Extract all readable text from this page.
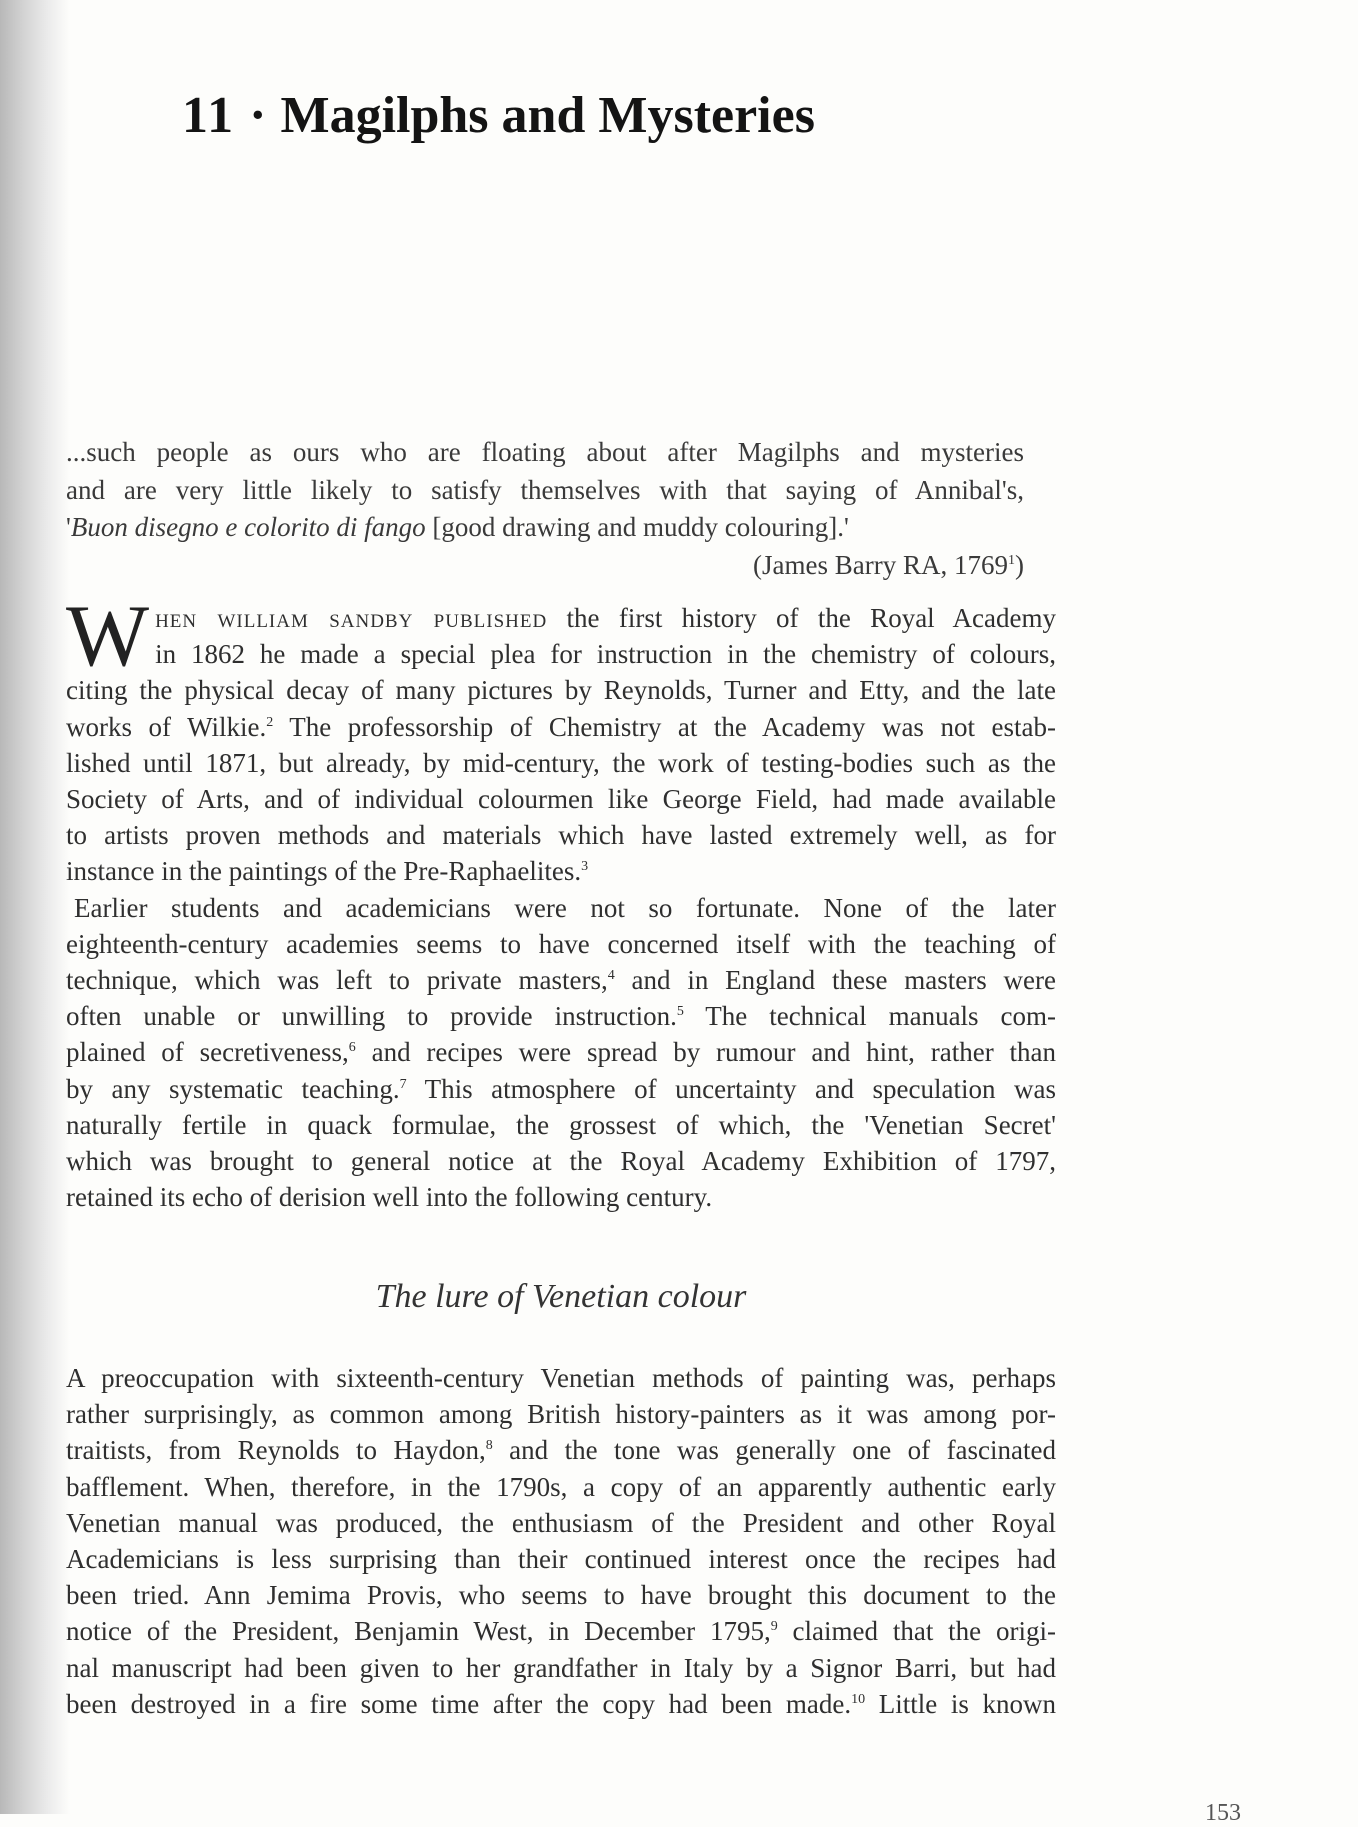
11 · Magilphs and Mysteries
...such people as ours who are floating about after Magilphs and mysteries
and are very little likely to satisfy themselves with that saying of Annibal's,
'Buon disegno e colorito di fango [good drawing and muddy colouring].'
(James Barry RA, 1769$^1$)
W hen william sandby published the first history of the Royal Academy
in 1862 he made a special plea for instruction in the chemistry of colours,
citing the physical decay of many pictures by Reynolds, Turner and Etty, and the late
works of Wilkie.$^2$ The professorship of Chemistry at the Academy was not estab-
lished until 1871, but already, by mid-century, the work of testing-bodies such as the
Society of Arts, and of individual colourmen like George Field, had made available
to artists proven methods and materials which have lasted extremely well, as for
instance in the paintings of the Pre-Raphaelites.$^3$
Earlier students and academicians were not so fortunate. None of the later
eighteenth-century academies seems to have concerned itself with the teaching of
technique, which was left to private masters,$^4$ and in England these masters were
often unable or unwilling to provide instruction.$^5$ The technical manuals com-
plained of secretiveness,$^6$ and recipes were spread by rumour and hint, rather than
by any systematic teaching.$^7$ This atmosphere of uncertainty and speculation was
naturally fertile in quack formulae, the grossest of which, the 'Venetian Secret'
which was brought to general notice at the Royal Academy Exhibition of 1797,
retained its echo of derision well into the following century.
The lure of Venetian colour
A preoccupation with sixteenth-century Venetian methods of painting was, perhaps
rather surprisingly, as common among British history-painters as it was among por-
traitists, from Reynolds to Haydon,$^8$ and the tone was generally one of fascinated
bafflement. When, therefore, in the 1790s, a copy of an apparently authentic early
Venetian manual was produced, the enthusiasm of the President and other Royal
Academicians is less surprising than their continued interest once the recipes had
been tried. Ann Jemima Provis, who seems to have brought this document to the
notice of the President, Benjamin West, in December 1795,$^9$ claimed that the origi-
nal manuscript had been given to her grandfather in Italy by a Signor Barri, but had
been destroyed in a fire some time after the copy had been made.$^{10}$ Little is known
153
